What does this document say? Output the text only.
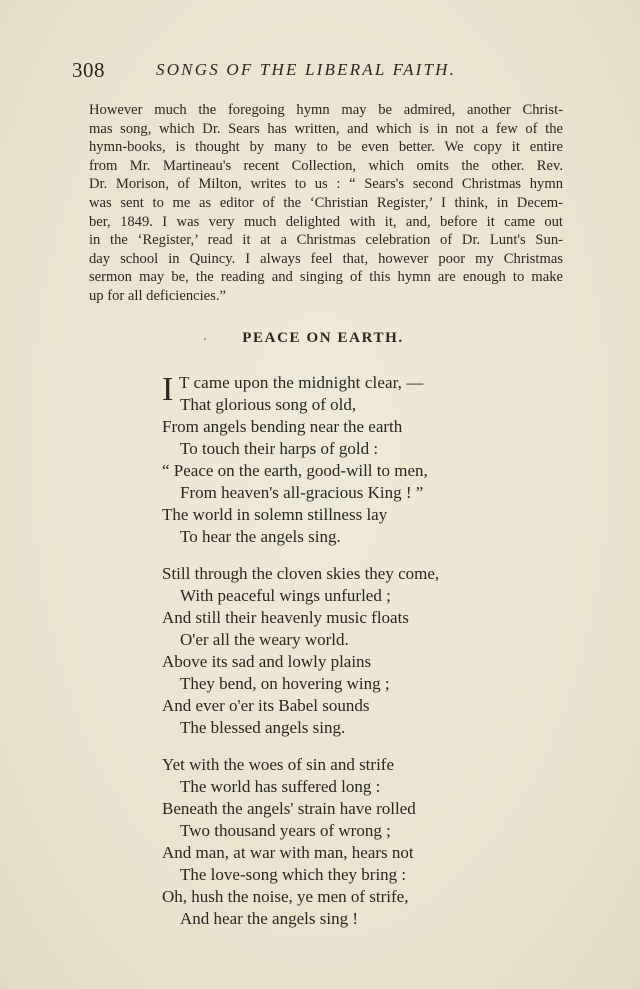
308	SONGS OF THE LIBERAL FAITH.

However much the foregoing hymn may be admired, another Christ-
mas song, which Dr. Sears has written, and which is in not a few of the
hymn-books, is thought by many to be even better. We copy it entire
from Mr. Martineau's recent Collection, which omits the other. Rev.
Dr. Morison, of Milton, writes to us : “ Sears's second Christmas hymn
was sent to me as editor of the ‘Christian Register,’ I think, in Decem-
ber, 1849. I was very much delighted with it, and, before it came out
in the ‘Register,’ read it at a Christmas celebration of Dr. Lunt's Sun-
day school in Quincy. I always feel that, however poor my Christmas
sermon may be, the reading and singing of this hymn are enough to make
up for all deficiencies.”

PEACE ON EARTH.
I T came upon the midnight clear, —
That glorious song of old,
From angels bending near the earth
To touch their harps of gold :
“ Peace on the earth, good-will to men,
From heaven's all-gracious King ! ”
The world in solemn stillness lay
To hear the angels sing.
Still through the cloven skies they come,
With peaceful wings unfurled ;
And still their heavenly music floats
O'er all the weary world.
Above its sad and lowly plains
They bend, on hovering wing ;
And ever o'er its Babel sounds
The blessed angels sing.
Yet with the woes of sin and strife
The world has suffered long :
Beneath the angels' strain have rolled
Two thousand years of wrong ;
And man, at war with man, hears not
The love-song which they bring :
Oh, hush the noise, ye men of strife,
And hear the angels sing !
